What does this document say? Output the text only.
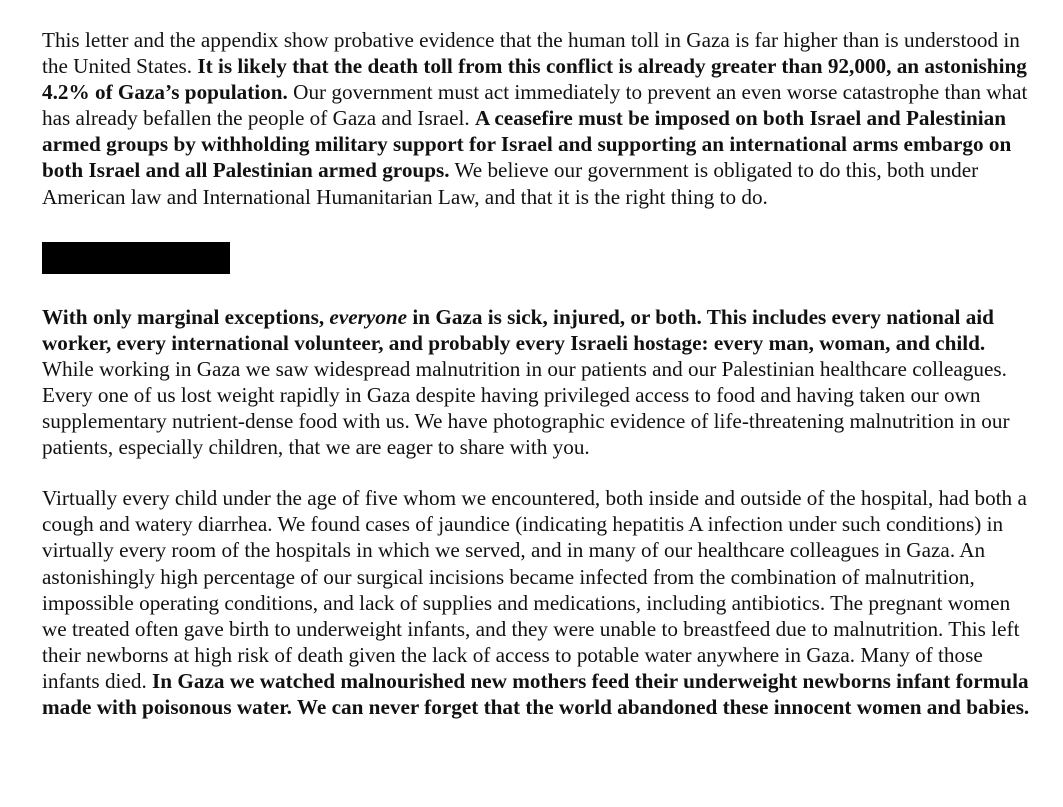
This letter and the appendix show probative evidence that the human toll in Gaza is far higher than is understood in the United States. It is likely that the death toll from this conflict is already greater than 92,000, an astonishing 4.2% of Gaza’s population. Our government must act immediately to prevent an even worse catastrophe than what has already befallen the people of Gaza and Israel. A ceasefire must be imposed on both Israel and Palestinian armed groups by withholding military support for Israel and supporting an international arms embargo on both Israel and all Palestinian armed groups. We believe our government is obligated to do this, both under American law and International Humanitarian Law, and that it is the right thing to do.

With only marginal exceptions, everyone in Gaza is sick, injured, or both. This includes every national aid worker, every international volunteer, and probably every Israeli hostage: every man, woman, and child. While working in Gaza we saw widespread malnutrition in our patients and our Palestinian healthcare colleagues. Every one of us lost weight rapidly in Gaza despite having privileged access to food and having taken our own supplementary nutrient-dense food with us. We have photographic evidence of life-threatening malnutrition in our patients, especially children, that we are eager to share with you.

Virtually every child under the age of five whom we encountered, both inside and outside of the hospital, had both a cough and watery diarrhea. We found cases of jaundice (indicating hepatitis A infection under such conditions) in virtually every room of the hospitals in which we served, and in many of our healthcare colleagues in Gaza. An astonishingly high percentage of our surgical incisions became infected from the combination of malnutrition, impossible operating conditions, and lack of supplies and medications, including antibiotics. The pregnant women we treated often gave birth to underweight infants, and they were unable to breastfeed due to malnutrition. This left their newborns at high risk of death given the lack of access to potable water anywhere in Gaza. Many of those infants died. In Gaza we watched malnourished new mothers feed their underweight newborns infant formula made with poisonous water. We can never forget that the world abandoned these innocent women and babies.
